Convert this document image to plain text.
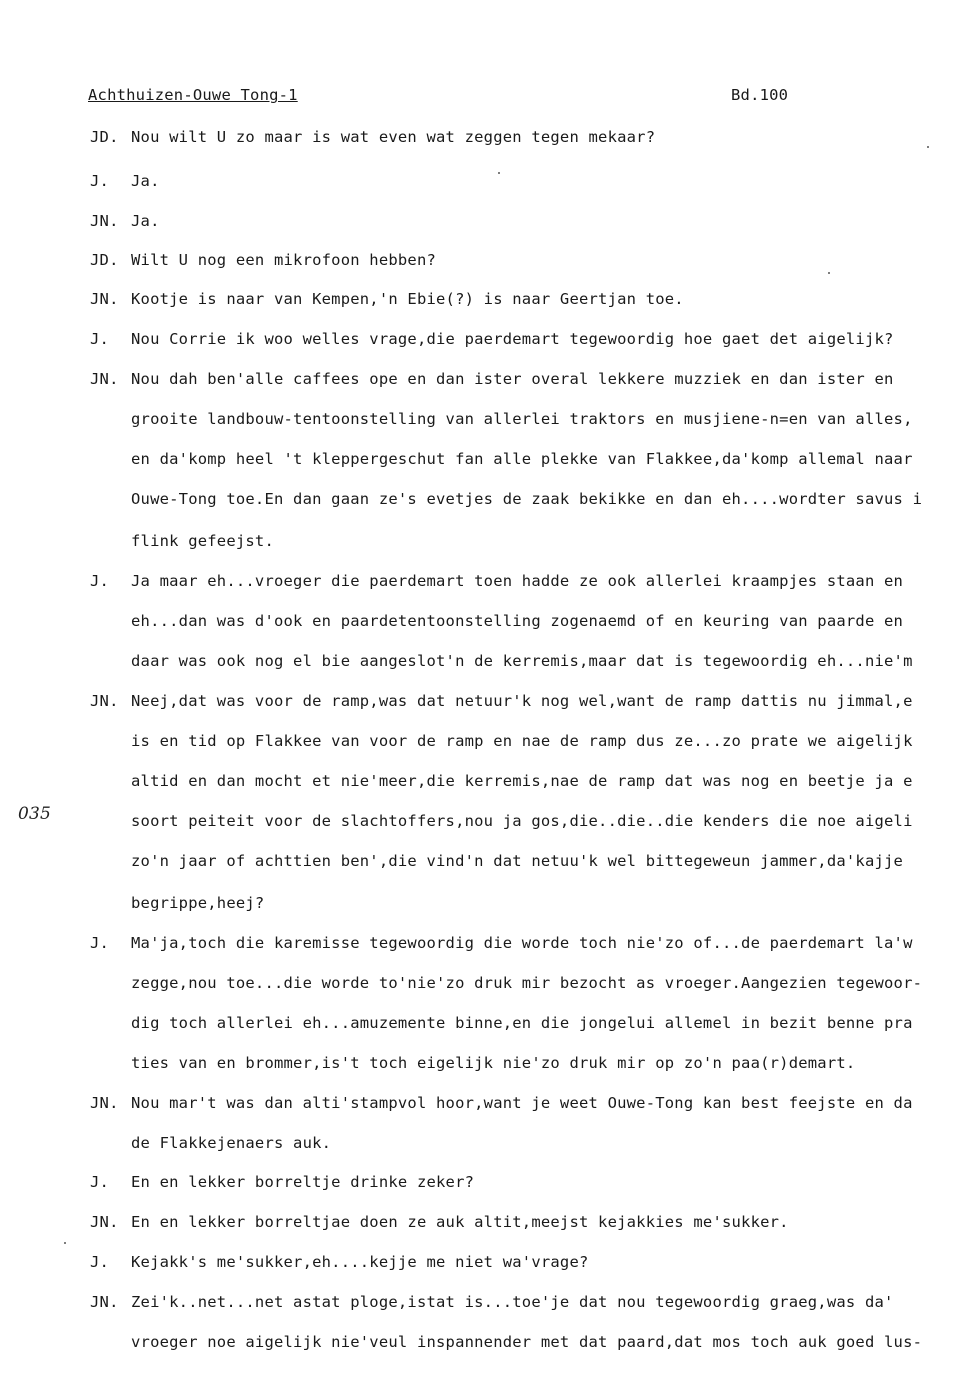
Achthuizen-Ouwe Tong-1	Bd.100
035
JD. Nou wilt U zo maar is wat even wat zeggen tegen mekaar?
J. Ja.
JN. Ja.
JD. Wilt U nog een mikrofoon hebben?
JN. Kootje is naar van Kempen,'n Ebie(?) is naar Geertjan toe.
J. Nou Corrie ik woo welles vrage,die paerdemart tegewoordig hoe gaet det aigelijk?
JN. Nou dah ben'alle caffees ope en dan ister overal lekkere muzziek en dan ister en
grooite landbouw-tentoonstelling van allerlei traktors en musjiene-n=en van alles,
en da'komp heel 't kleppergeschut fan alle plekke van Flakkee,da'komp allemal naar
Ouwe-Tong toe.En dan gaan ze's evetjes de zaak bekikke en dan eh....wordter savus i
flink gefeejst.
J. Ja maar eh...vroeger die paerdemart toen hadde ze ook allerlei kraampjes staan en
eh...dan was d'ook en paardetentoonstelling zogenaemd of en keuring van paarde en
daar was ook nog el bie aangeslot'n de kerremis,maar dat is tegewoordig eh...nie'm
JN. Neej,dat was voor de ramp,was dat netuur'k nog wel,want de ramp dattis nu jimmal,e
is en tid op Flakkee van voor de ramp en nae de ramp dus ze...zo prate we aigelijk
altid en dan mocht et nie'meer,die kerremis,nae de ramp dat was nog en beetje ja e
soort peiteit voor de slachtoffers,nou ja gos,die..die..die kenders die noe aigeli
zo'n jaar of achttien ben',die vind'n dat netuu'k wel bittegeweun jammer,da'kajje
begrippe,heej?
J. Ma'ja,toch die karemisse tegewoordig die worde toch nie'zo of...de paerdemart la'w
zegge,nou toe...die worde to'nie'zo druk mir bezocht as vroeger.Aangezien tegewoor-
dig toch allerlei eh...amuzemente binne,en die jongelui allemel in bezit benne pra
ties van en brommer,is't toch eigelijk nie'zo druk mir op zo'n paa(r)demart.
JN. Nou mar't was dan alti'stampvol hoor,want je weet Ouwe-Tong kan best feejste en da
de Flakkejenaers auk.
J. En en lekker borreltje drinke zeker?
JN. En en lekker borreltjae doen ze auk altit,meejst kejakkies me'sukker.
J. Kejakk's me'sukker,eh....kejje me niet wa'vrage?
JN. Zei'k..net...net astat ploge,istat is...toe'je dat nou tegewoordig graeg,was da'
vroeger noe aigelijk nie'veul inspannender met dat paard,dat mos toch auk goed lus-
